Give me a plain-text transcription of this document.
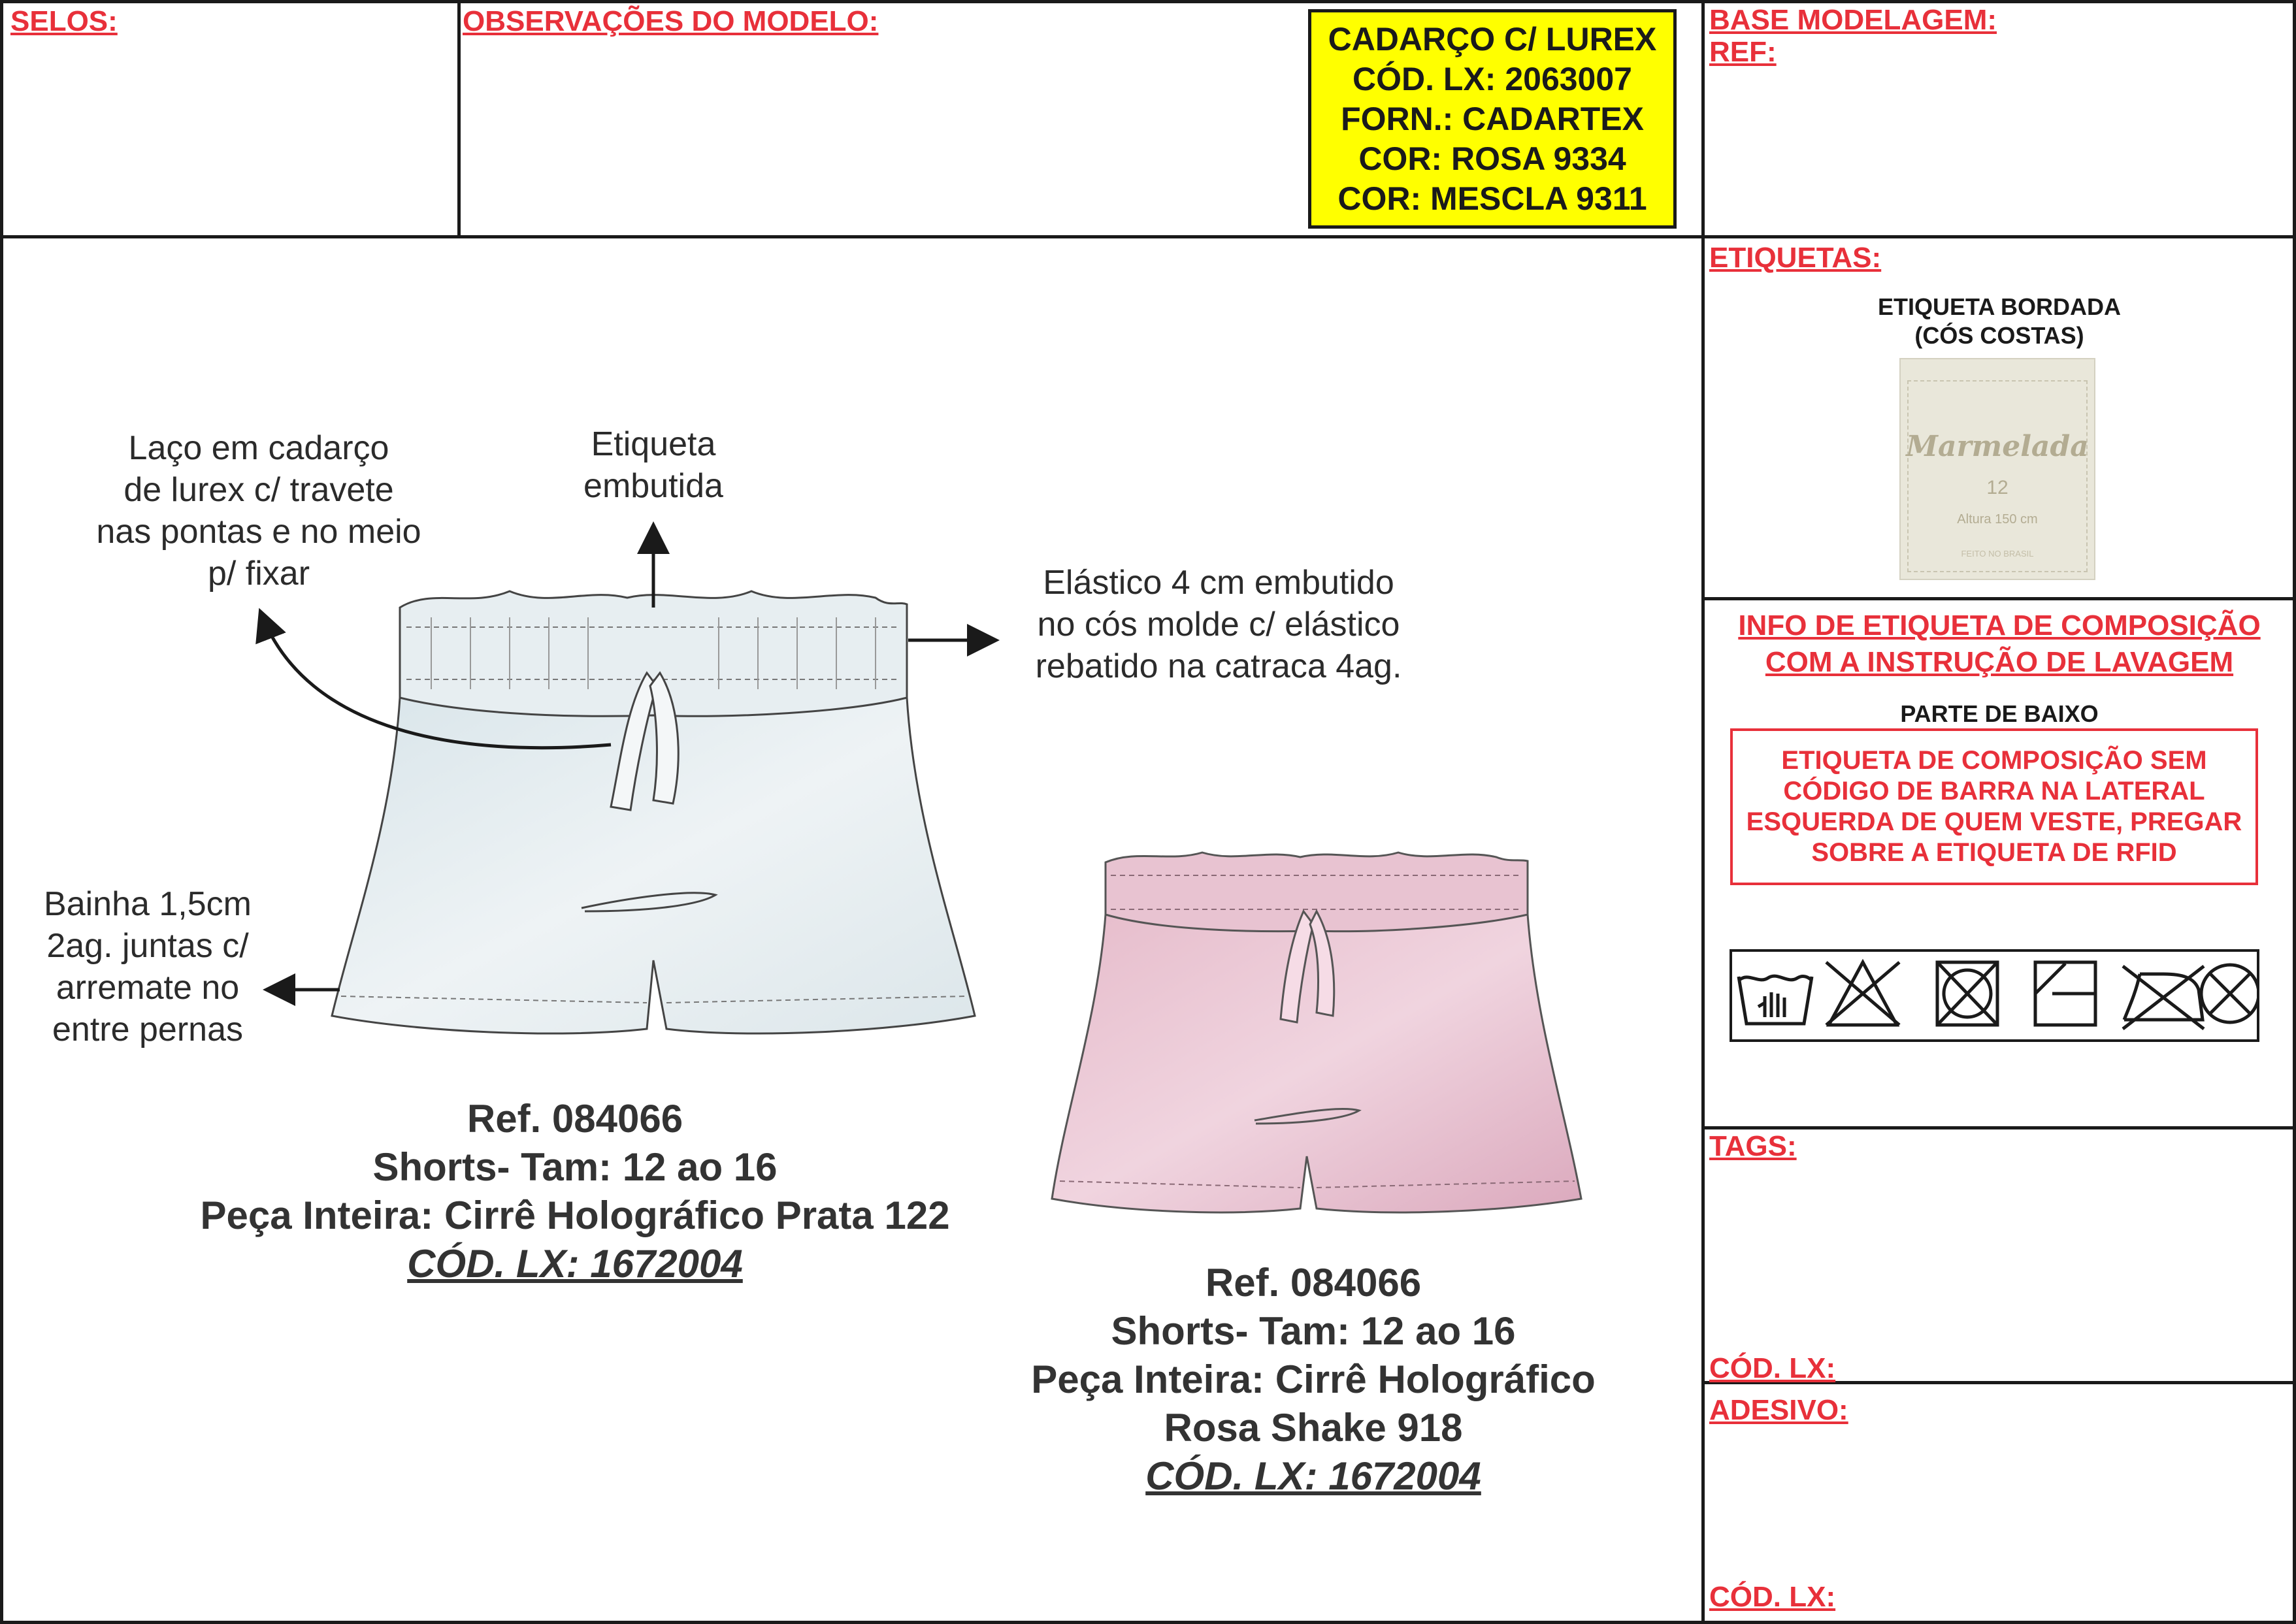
SELOS:	OBSERVAÇÕES DO MODELO:	CADARÇO C/ LUREX
CÓD. LX: 2063007
FORN.: CADARTEX
COR: ROSA 9334
COR: MESCLA 9311
BASE MODELAGEM:
REF:
Laço em cadarço
de lurex c/ travete
nas pontas e no meio
p/ fixar
Etiqueta
embutida
Elástico 4 cm embutido
no cós molde c/ elástico
rebatido na catraca 4ag.
Bainha 1,5cm
2ag. juntas c/
arremate no
entre pernas
Ref. 084066
Shorts- Tam: 12 ao 16
Peça Inteira: Cirrê Holográfico Prata 122
CÓD. LX: 1672004	Ref. 084066
Shorts- Tam: 12 ao 16
Peça Inteira: Cirrê Holográfico
Rosa Shake 918
CÓD. LX: 1672004
ETIQUETAS:
ETIQUETA BORDADA
(CÓS COSTAS)
Marmelada
12
Altura 150 cm
FEITO NO BRASIL
INFO DE ETIQUETA DE COMPOSIÇÃO
COM A INSTRUÇÃO DE LAVAGEM
PARTE DE BAIXO
ETIQUETA DE COMPOSIÇÃO SEM
CÓDIGO DE BARRA NA LATERAL
ESQUERDA DE QUEM VESTE, PREGAR
SOBRE A ETIQUETA DE RFID
TAGS:
CÓD. LX:
ADESIVO:
CÓD. LX:
